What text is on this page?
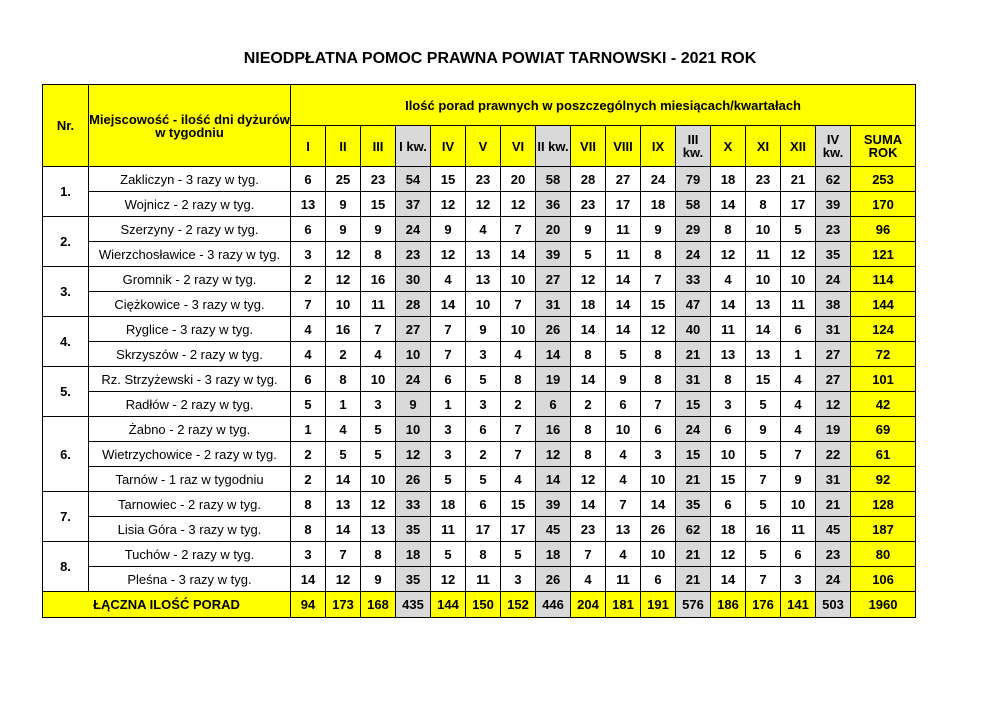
NIEODPŁATNA POMOC PRAWNA POWIAT TARNOWSKI - 2021 ROK
Nr.	Miejscowość - ilość dni dyżurów w tygodniu	Ilość porad prawnych w poszczególnych miesiącach/kwartałach																
		I	II	III	I kw.	IV	V	VI	II kw.	VII	VIII	IX	III kw.	X	XI	XII	IV kw.	SUMA ROK
1.	Zakliczyn - 3 razy w tyg.	6	25	23	54	15	23	20	58	28	27	24	79	18	23	21	62	253
	Wojnicz - 2 razy w tyg.	13	9	15	37	12	12	12	36	23	17	18	58	14	8	17	39	170
2.	Szerzyny - 2 razy w tyg.	6	9	9	24	9	4	7	20	9	11	9	29	8	10	5	23	96
	Wierzchosławice - 3 razy w tyg.	3	12	8	23	12	13	14	39	5	11	8	24	12	11	12	35	121
3.	Gromnik - 2 razy w tyg.	2	12	16	30	4	13	10	27	12	14	7	33	4	10	10	24	114
	Ciężkowice - 3 razy w tyg.	7	10	11	28	14	10	7	31	18	14	15	47	14	13	11	38	144
4.	Ryglice - 3 razy w tyg.	4	16	7	27	7	9	10	26	14	14	12	40	11	14	6	31	124
	Skrzyszów - 2 razy w tyg.	4	2	4	10	7	3	4	14	8	5	8	21	13	13	1	27	72
5.	Rz. Strzyżewski - 3 razy w tyg.	6	8	10	24	6	5	8	19	14	9	8	31	8	15	4	27	101
	Radłów - 2 razy w tyg.	5	1	3	9	1	3	2	6	2	6	7	15	3	5	4	12	42
6.	Żabno - 2 razy w tyg.	1	4	5	10	3	6	7	16	8	10	6	24	6	9	4	19	69
	Wietrzychowice - 2 razy w tyg.	2	5	5	12	3	2	7	12	8	4	3	15	10	5	7	22	61
	Tarnów - 1 raz w tygodniu	2	14	10	26	5	5	4	14	12	4	10	21	15	7	9	31	92
7.	Tarnowiec - 2 razy w tyg.	8	13	12	33	18	6	15	39	14	7	14	35	6	5	10	21	128
	Lisia Góra - 3 razy w tyg.	8	14	13	35	11	17	17	45	23	13	26	62	18	16	11	45	187
8.	Tuchów - 2 razy w tyg.	3	7	8	18	5	8	5	18	7	4	10	21	12	5	6	23	80
	Pleśna - 3 razy w tyg.	14	12	9	35	12	11	3	26	4	11	6	21	14	7	3	24	106
ŁĄCZNA ILOŚĆ PORAD		94	173	168	435	144	150	152	446	204	181	191	576	186	176	141	503	1960
